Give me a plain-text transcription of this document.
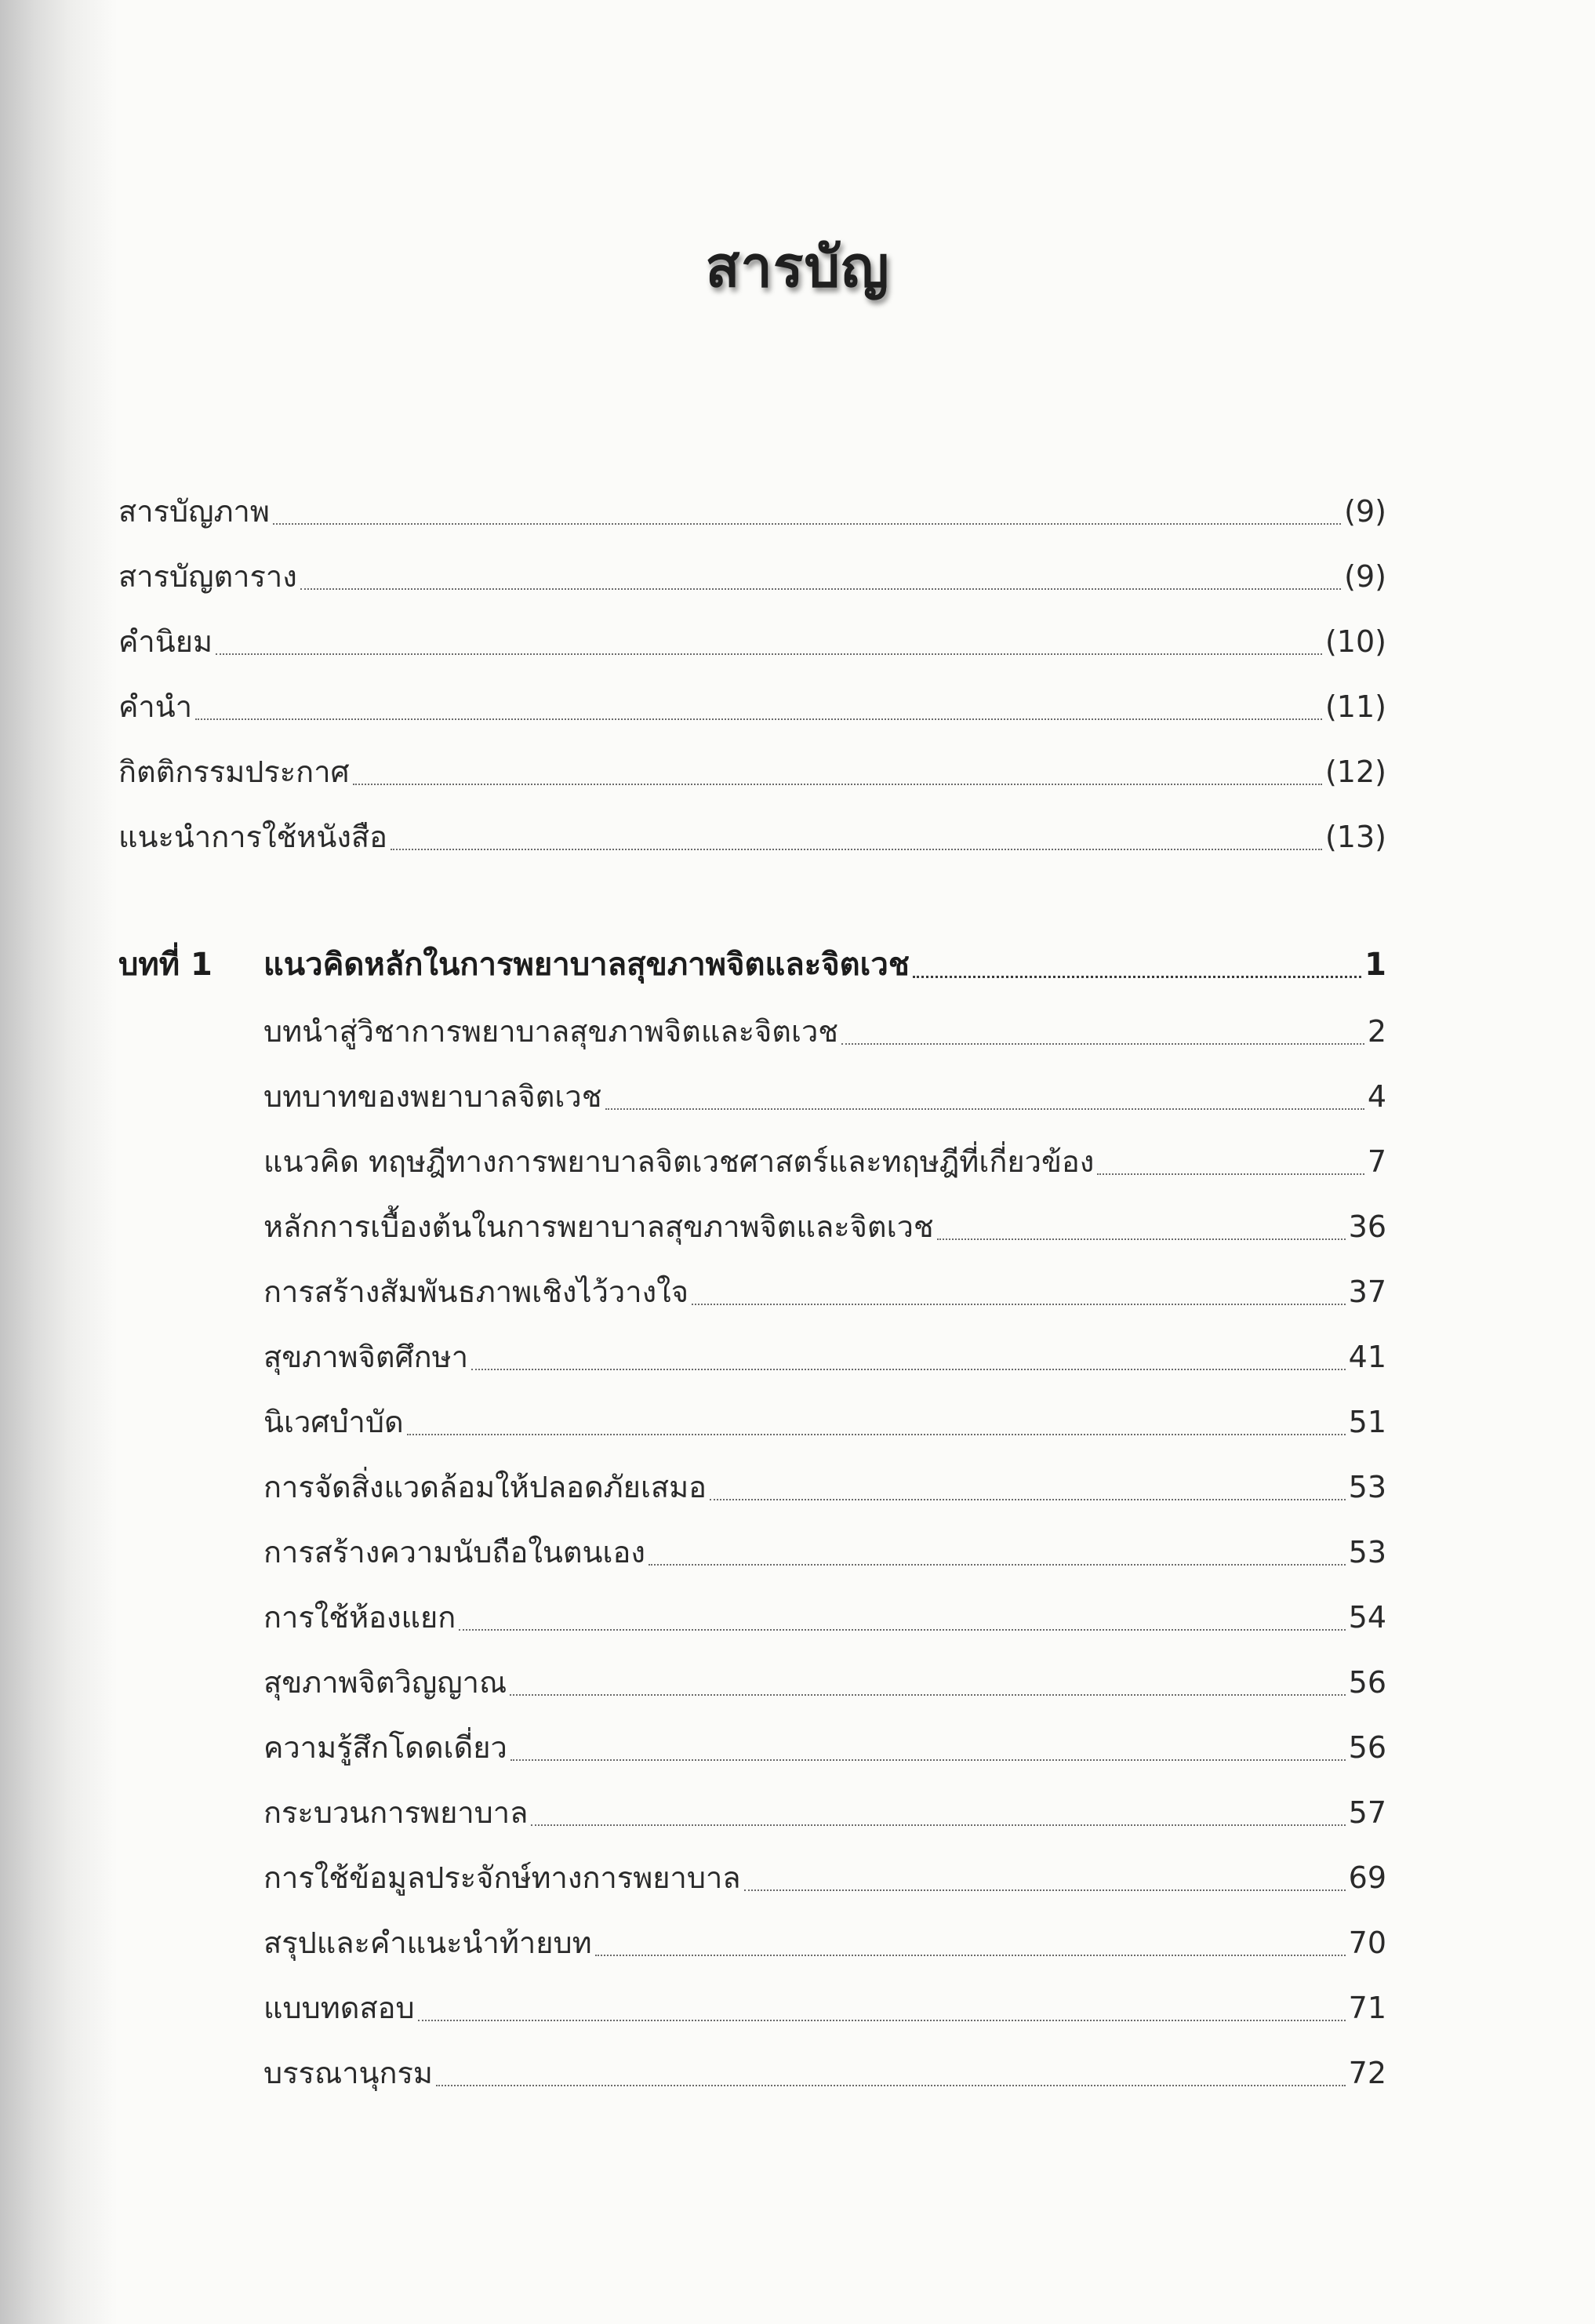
สารบัญ
สารบัญภาพ	(9)
สารบัญตาราง	(9)
คำนิยม	(10)
คำนำ	(11)
กิตติกรรมประกาศ	(12)
แนะนำการใช้หนังสือ	(13)
บทที่ 1	แนวคิดหลักในการพยาบาลสุขภาพจิตและจิตเวช	1
บทนำสู่วิชาการพยาบาลสุขภาพจิตและจิตเวช	2
บทบาทของพยาบาลจิตเวช	4
แนวคิด ทฤษฎีทางการพยาบาลจิตเวชศาสตร์และทฤษฎีที่เกี่ยวข้อง	7
หลักการเบื้องต้นในการพยาบาลสุขภาพจิตและจิตเวช	36
การสร้างสัมพันธภาพเชิงไว้วางใจ	37
สุขภาพจิตศึกษา	41
นิเวศบำบัด	51
การจัดสิ่งแวดล้อมให้ปลอดภัยเสมอ	53
การสร้างความนับถือในตนเอง	53
การใช้ห้องแยก	54
สุขภาพจิตวิญญาณ	56
ความรู้สึกโดดเดี่ยว	56
กระบวนการพยาบาล	57
การใช้ข้อมูลประจักษ์ทางการพยาบาล	69
สรุปและคำแนะนำท้ายบท	70
แบบทดสอบ	71
บรรณานุกรม	72
